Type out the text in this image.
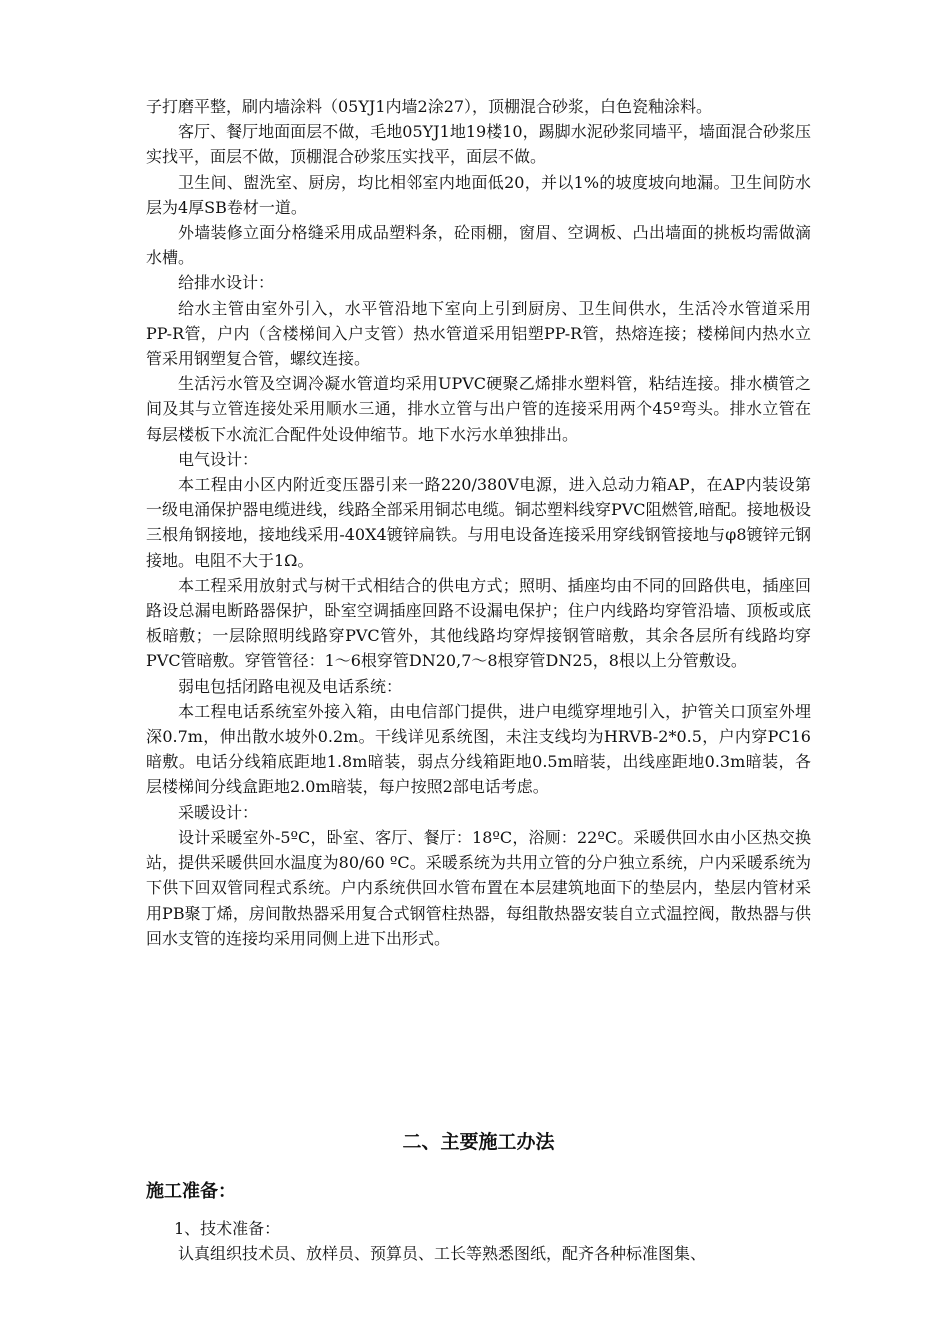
子打磨平整，刷内墙涂料（05YJ1内墙2涂27），顶棚混合砂浆，白色瓷釉涂料。

客厅、餐厅地面面层不做，毛地05YJ1地19楼10，踢脚水泥砂浆同墙平，墙面混合砂浆压实找平，面层不做，顶棚混合砂浆压实找平，面层不做。

卫生间、盥洗室、厨房，均比相邻室内地面低20，并以1%的坡度坡向地漏。卫生间防水层为4厚SB卷材一道。

外墙装修立面分格缝采用成品塑料条，砼雨棚，窗眉、空调板、凸出墙面的挑板均需做滴水槽。

给排水设计：

给水主管由室外引入，水平管沿地下室向上引到厨房、卫生间供水，生活冷水管道采用PP-R管，户内（含楼梯间入户支管）热水管道采用铝塑PP-R管，热熔连接；楼梯间内热水立管采用钢塑复合管，螺纹连接。

生活污水管及空调冷凝水管道均采用UPVC硬聚乙烯排水塑料管，粘结连接。排水横管之间及其与立管连接处采用顺水三通，排水立管与出户管的连接采用两个45º弯头。排水立管在每层楼板下水流汇合配件处设伸缩节。地下水污水单独排出。

电气设计：

本工程由小区内附近变压器引来一路220/380V电源，进入总动力箱AP，在AP内装设第一级电涌保护器电缆进线，线路全部采用铜芯电缆。铜芯塑料线穿PVC阻燃管,暗配。接地极设三根角钢接地，接地线采用-40X4镀锌扁铁。与用电设备连接采用穿线钢管接地与φ8镀锌元钢接地。电阻不大于1Ω。

本工程采用放射式与树干式相结合的供电方式；照明、插座均由不同的回路供电，插座回路设总漏电断路器保护，卧室空调插座回路不设漏电保护；住户内线路均穿管沿墙、顶板或底板暗敷；一层除照明线路穿PVC管外，其他线路均穿焊接钢管暗敷，其余各层所有线路均穿PVC管暗敷。穿管管径：1～6根穿管DN20,7～8根穿管DN25，8根以上分管敷设。

弱电包括闭路电视及电话系统：

本工程电话系统室外接入箱，由电信部门提供，进户电缆穿埋地引入，护管关口顶室外埋深0.7m，伸出散水坡外0.2m。干线详见系统图，未注支线均为HRVB-2*0.5，户内穿PC16暗敷。电话分线箱底距地1.8m暗装，弱点分线箱距地0.5m暗装，出线座距地0.3m暗装，各层楼梯间分线盒距地2.0m暗装，每户按照2部电话考虑。

采暖设计：

设计采暖室外-5ºC，卧室、客厅、餐厅：18ºC，浴厕：22ºC。采暖供回水由小区热交换站，提供采暖供回水温度为80/60 ºC。采暖系统为共用立管的分户独立系统，户内采暖系统为下供下回双管同程式系统。户内系统供回水管布置在本层建筑地面下的垫层内，垫层内管材采用PB聚丁烯，房间散热器采用复合式钢管柱热器，每组散热器安装自立式温控阀，散热器与供回水支管的连接均采用同侧上进下出形式。

二、主要施工办法
施工准备：

1、技术准备：

认真组织技术员、放样员、预算员、工长等熟悉图纸，配齐各种标准图集、
